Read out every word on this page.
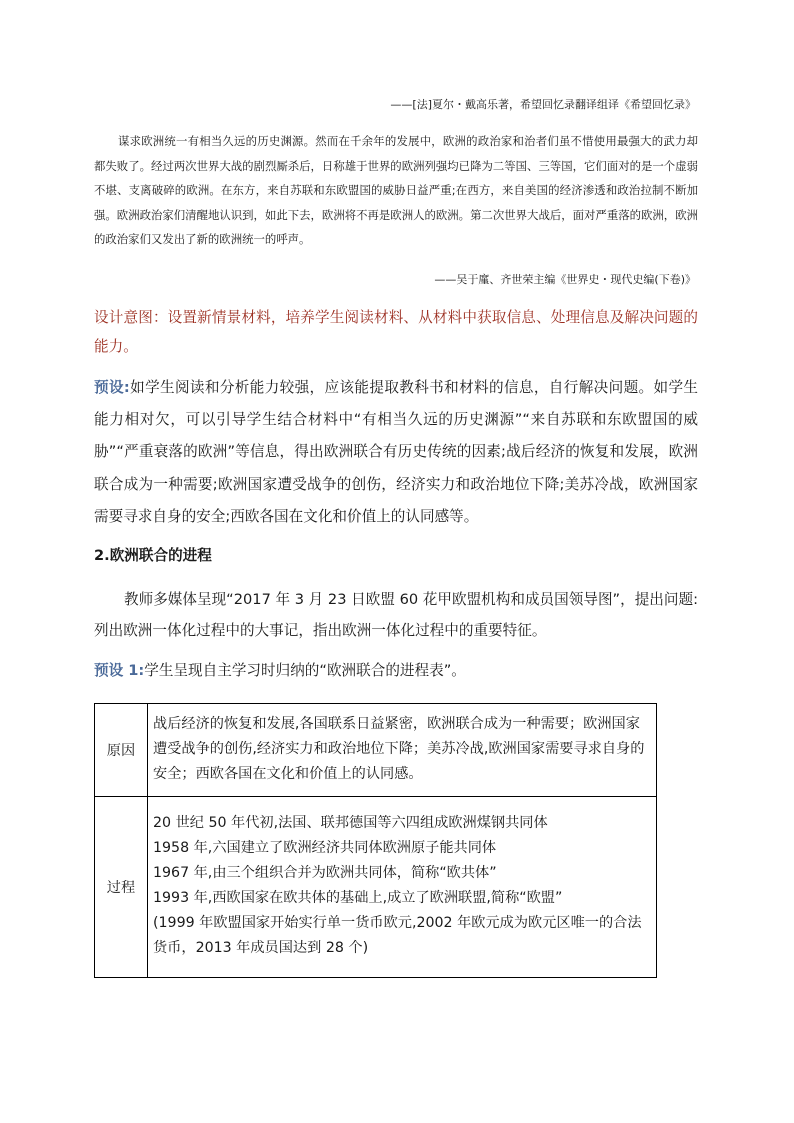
——[法]夏尔・戴高乐著，希望回忆录翻译组译《希望回忆录》
谋求欧洲统一有相当久远的历史渊源。然而在千余年的发展中，欧洲的政治家和治者们虽不惜使用最强大的武力却都失败了。经过两次世界大战的剧烈厮杀后，日称雄于世界的欧洲列强均已降为二等国、三等国，它们面对的是一个虚弱不堪、支离破碎的欧洲。在东方，来自苏联和东欧盟国的威胁日益严重;在西方，来自美国的经济渗透和政治拉制不断加强。欧洲政治家们清醒地认识到，如此下去，欧洲将不再是欧洲人的欧洲。第二次世界大战后，面对严重落的欧洲，欧洲的政治家们又发出了新的欧洲统一的呼声。
——吴于廑、齐世荣主编《世界史・现代史编(下卷)》
设计意图：设置新情景材料，培养学生阅读材料、从材料中获取信息、处理信息及解决问题的能力。
预设:如学生阅读和分析能力较强，应该能提取教科书和材料的信息，自行解决问题。如学生能力相对欠，可以引导学生结合材料中“有相当久远的历史渊源”“来自苏联和东欧盟国的威胁”“严重衰落的欧洲”等信息，得出欧洲联合有历史传统的因素;战后经济的恢复和发展，欧洲联合成为一种需要;欧洲国家遭受战争的创伤，经济实力和政治地位下降;美苏冷战，欧洲国家需要寻求自身的安全;西欧各国在文化和价值上的认同感等。
2.欧洲联合的进程
教师多媒体呈现“2017 年 3 月 23 日欧盟 60 花甲欧盟机构和成员国领导图”，提出问题:列出欧洲一体化过程中的大事记，指出欧洲一体化过程中的重要特征。
预设 1:学生呈现自主学习时归纳的“欧洲联合的进程表”。
原因	战后经济的恢复和发展,各国联系日益紧密，欧洲联合成为一种需要；欧洲国家遭受战争的创伤,经济实力和政治地位下降；美苏冷战,欧洲国家需要寻求自身的安全；西欧各国在文化和价值上的认同感。

过程	20 世纪 50 年代初,法国、联邦德国等六四组成欧洲煤钢共同体
1958 年,六国建立了欧洲经济共同体欧洲原子能共同体
1967 年,由三个组织合并为欧洲共同体，简称“欧共体”
1993 年,西欧国家在欧共体的基础上,成立了欧洲联盟,简称“欧盟”
(1999 年欧盟国家开始实行单一货币欧元,2002 年欧元成为欧元区唯一的合法货币，2013 年成员国达到 28 个)
